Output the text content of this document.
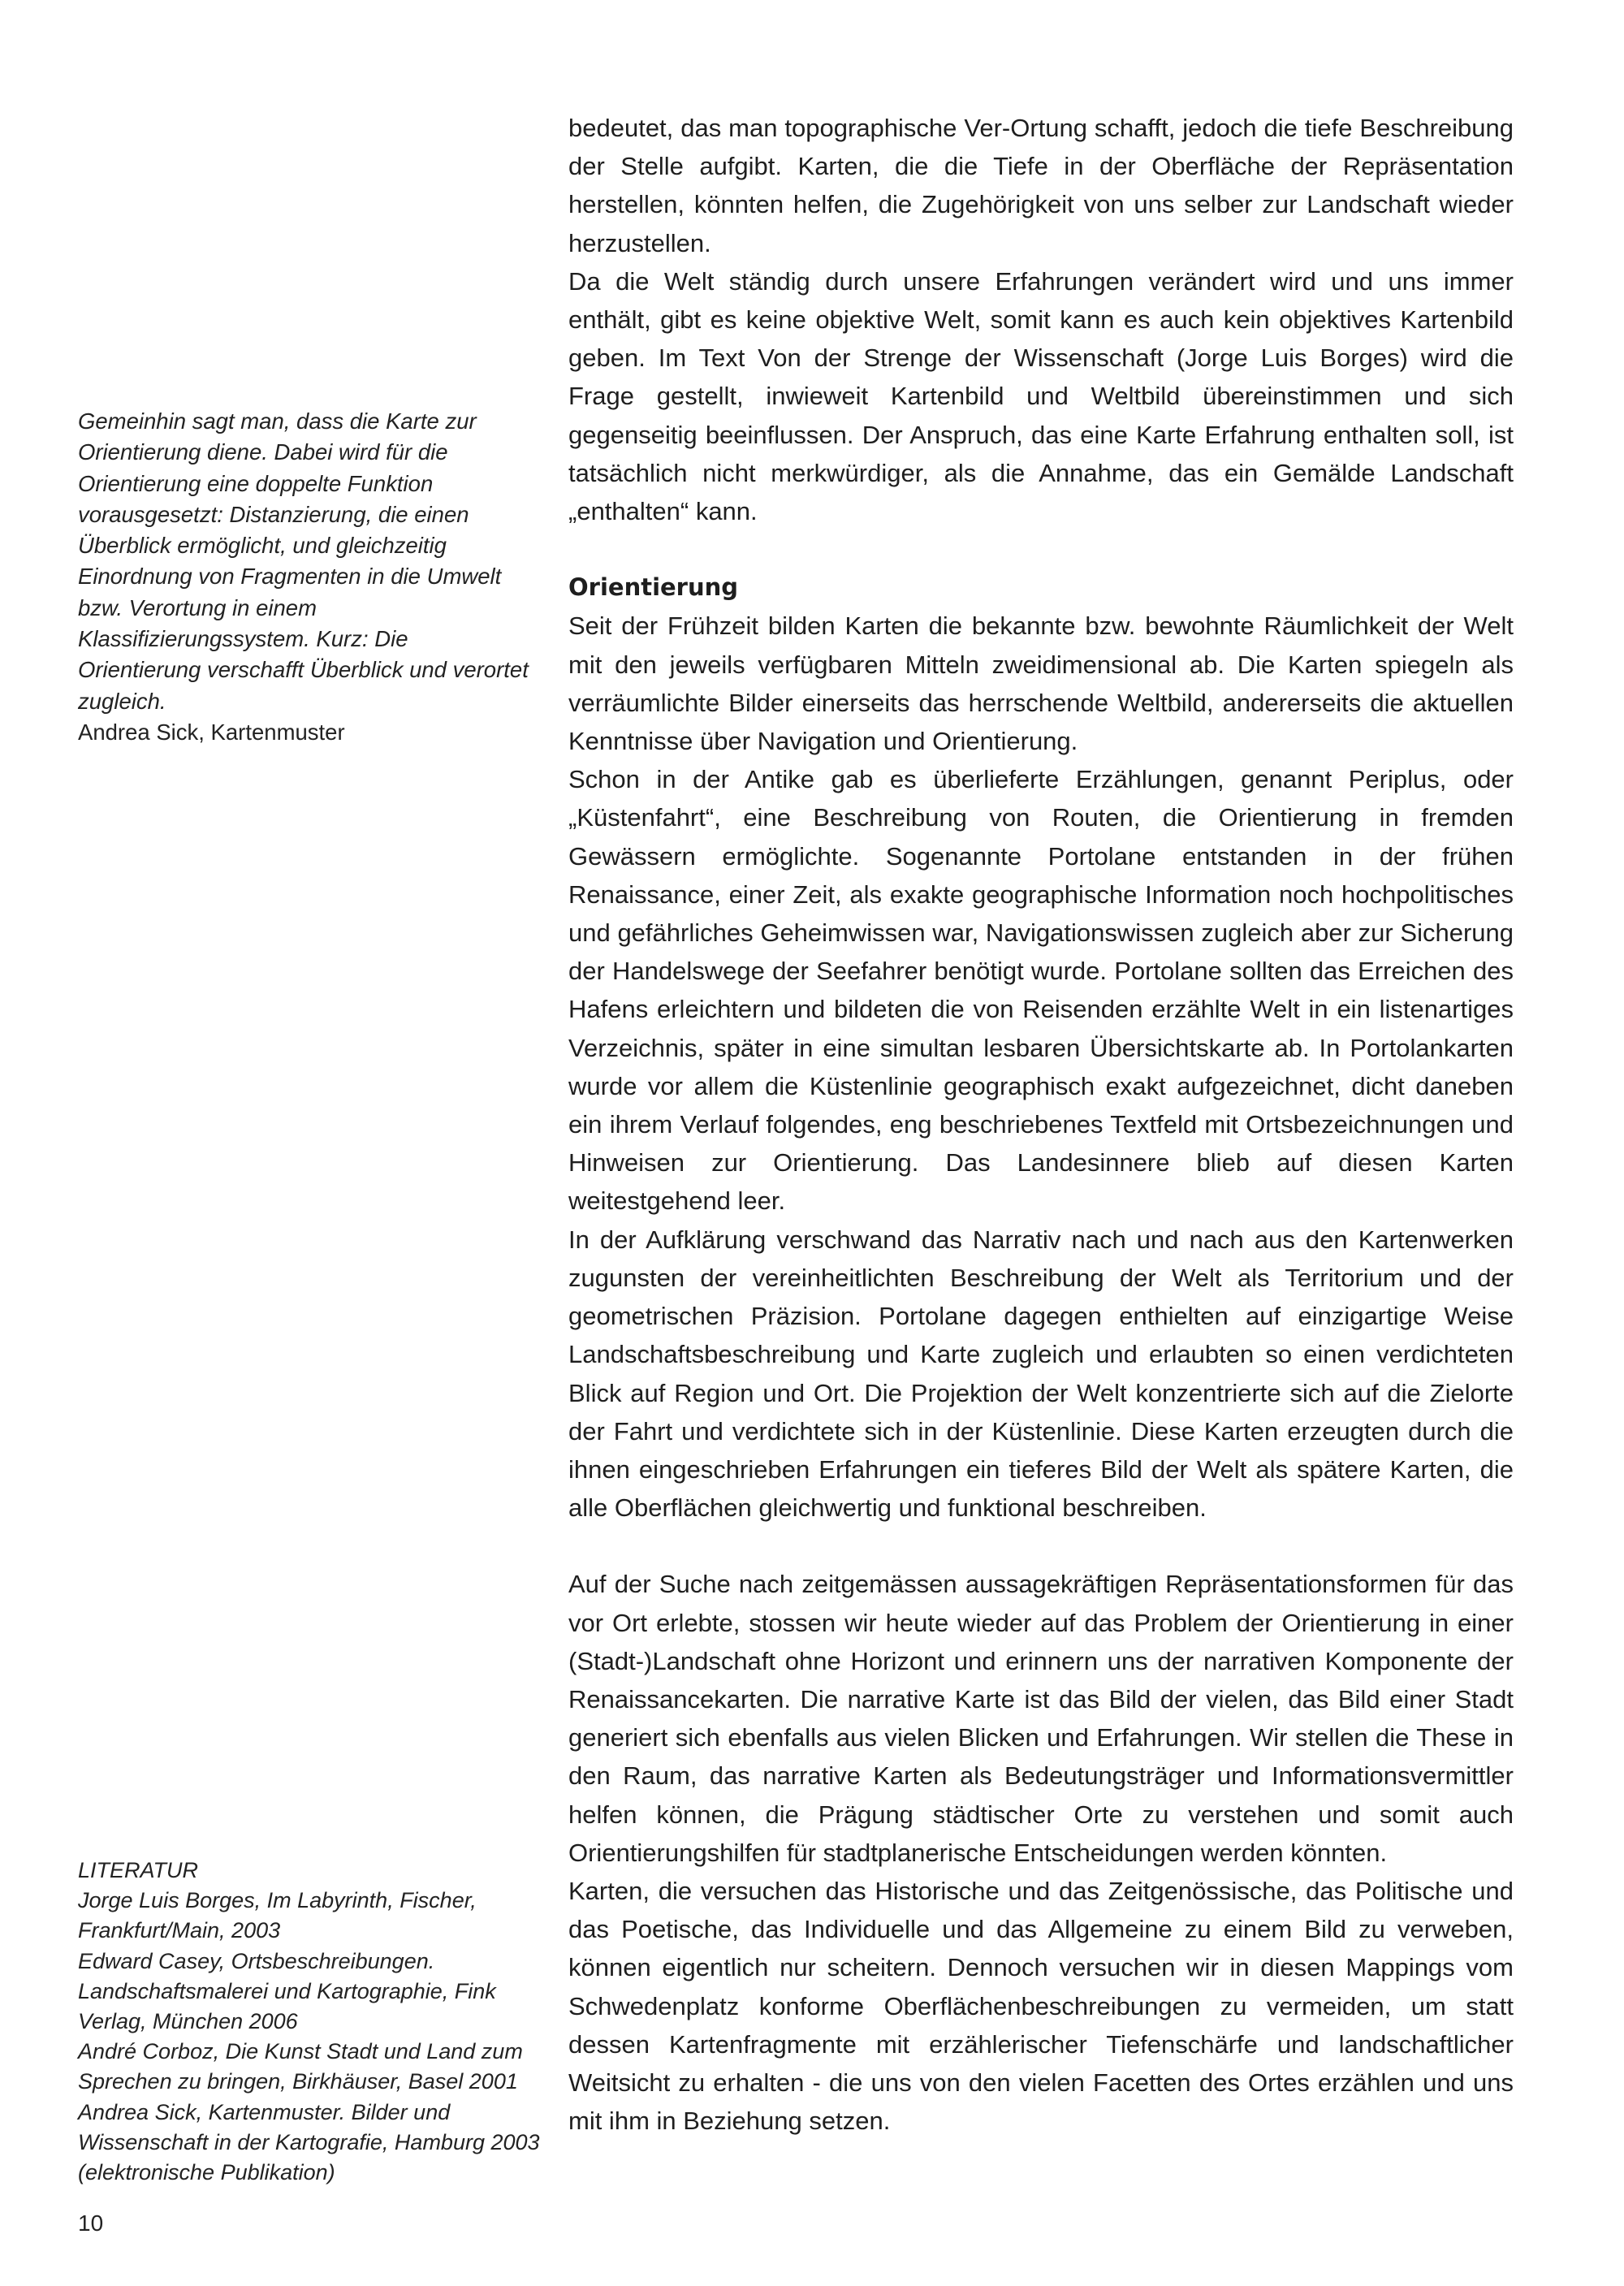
Gemeinhin sagt man, dass die Karte zur Orientierung diene. Dabei wird für die Orientierung eine doppelte Funktion vorausgesetzt: Distanzierung, die einen Überblick ermöglicht, und gleichzeitig Einordnung von Fragmenten in die Umwelt bzw. Verortung in einem Klassifizierungssystem. Kurz: Die Orientierung verschafft Überblick und verortet zugleich.
Andrea Sick, Kartenmuster

bedeutet, das man topographische Ver-Ortung schafft, jedoch die tiefe Beschreibung der Stelle aufgibt. Karten, die die Tiefe in der Oberfläche der Repräsentation herstellen, könnten helfen, die Zugehörigkeit von uns selber zur Landschaft wieder herzustellen.

Da die Welt ständig durch unsere Erfahrungen verändert wird und uns immer enthält, gibt es keine objektive Welt, somit kann es auch kein objektives Kartenbild geben. Im Text Von der Strenge der Wissenschaft (Jorge Luis Borges) wird die Frage gestellt, inwieweit Kartenbild und Weltbild übereinstimmen und sich gegenseitig beeinflussen. Der Anspruch, das eine Karte Erfahrung enthalten soll, ist tatsächlich nicht merkwürdiger, als die Annahme, das ein Gemälde Landschaft „enthalten“ kann.

Orientierung

Seit der Frühzeit bilden Karten die bekannte bzw. bewohnte Räumlichkeit der Welt mit den jeweils verfügbaren Mitteln zweidimensional ab. Die Karten spiegeln als verräumlichte Bilder einerseits das herrschende Weltbild, andererseits die aktuellen Kenntnisse über Navigation und Orientierung.

Schon in der Antike gab es überlieferte Erzählungen, genannt Periplus, oder „Küstenfahrt“, eine Beschreibung von Routen, die Orientierung in fremden Gewässern ermöglichte. Sogenannte Portolane entstanden in der frühen Renaissance, einer Zeit, als exakte geographische Information noch hochpolitisches und gefährliches Geheimwissen war, Navigationswissen zugleich aber zur Sicherung der Handelswege der Seefahrer benötigt wurde. Portolane sollten das Erreichen des Hafens erleichtern und bildeten die von Reisenden erzählte Welt in ein listenartiges Verzeichnis, später in eine simultan lesbaren Übersichtskarte ab. In Portolankarten wurde vor allem die Küstenlinie geographisch exakt aufgezeichnet, dicht daneben ein ihrem Verlauf folgendes, eng beschriebenes Textfeld mit Ortsbezeichnungen und Hinweisen zur Orientierung. Das Landesinnere blieb auf diesen Karten weitestgehend leer.

In der Aufklärung verschwand das Narrativ nach und nach aus den Kartenwerken zugunsten der vereinheitlichten Beschreibung der Welt als Territorium und der geometrischen Präzision. Portolane dagegen enthielten auf einzigartige Weise Landschaftsbeschreibung und Karte zugleich und erlaubten so einen verdichteten Blick auf Region und Ort. Die Projektion der Welt konzentrierte sich auf die Zielorte der Fahrt und verdichtete sich in der Küstenlinie. Diese Karten erzeugten durch die ihnen eingeschrieben Erfahrungen ein tieferes Bild der Welt als spätere Karten, die alle Oberflächen gleichwertig und funktional beschreiben.

Auf der Suche nach zeitgemässen aussagekräftigen Repräsentationsformen für das vor Ort erlebte, stossen wir heute wieder auf das Problem der Orientierung in einer (Stadt-)Landschaft ohne Horizont und erinnern uns der narrativen Komponente der Renaissancekarten. Die narrative Karte ist das Bild der vielen, das Bild einer Stadt generiert sich ebenfalls aus vielen Blicken und Erfahrungen. Wir stellen die These in den Raum, das narrative Karten als Bedeutungsträger und Informationsvermittler helfen können, die Prägung städtischer Orte zu verstehen und somit auch Orientierungshilfen für stadtplanerische Entscheidungen werden könnten.

Karten, die versuchen das Historische und das Zeitgenössische, das Politische und das Poetische, das Individuelle und das Allgemeine zu einem Bild zu verweben, können eigentlich nur scheitern. Dennoch versuchen wir in diesen Mappings vom Schwedenplatz konforme Oberflächenbeschreibungen zu vermeiden, um statt dessen Kartenfragmente mit erzählerischer Tiefenschärfe und landschaftlicher Weitsicht zu erhalten - die uns von den vielen Facetten des Ortes erzählen und uns mit ihm in Beziehung setzen.

LITERATUR
Jorge Luis Borges, Im Labyrinth, Fischer, Frankfurt/Main, 2003
Edward Casey, Ortsbeschreibungen. Landschaftsmalerei und Kartographie, Fink Verlag, München 2006
André Corboz, Die Kunst Stadt und Land zum Sprechen zu bringen, Birkhäuser, Basel 2001
Andrea Sick, Kartenmuster. Bilder und Wissenschaft in der Kartografie, Hamburg 2003 (elektronische Publikation)
10
